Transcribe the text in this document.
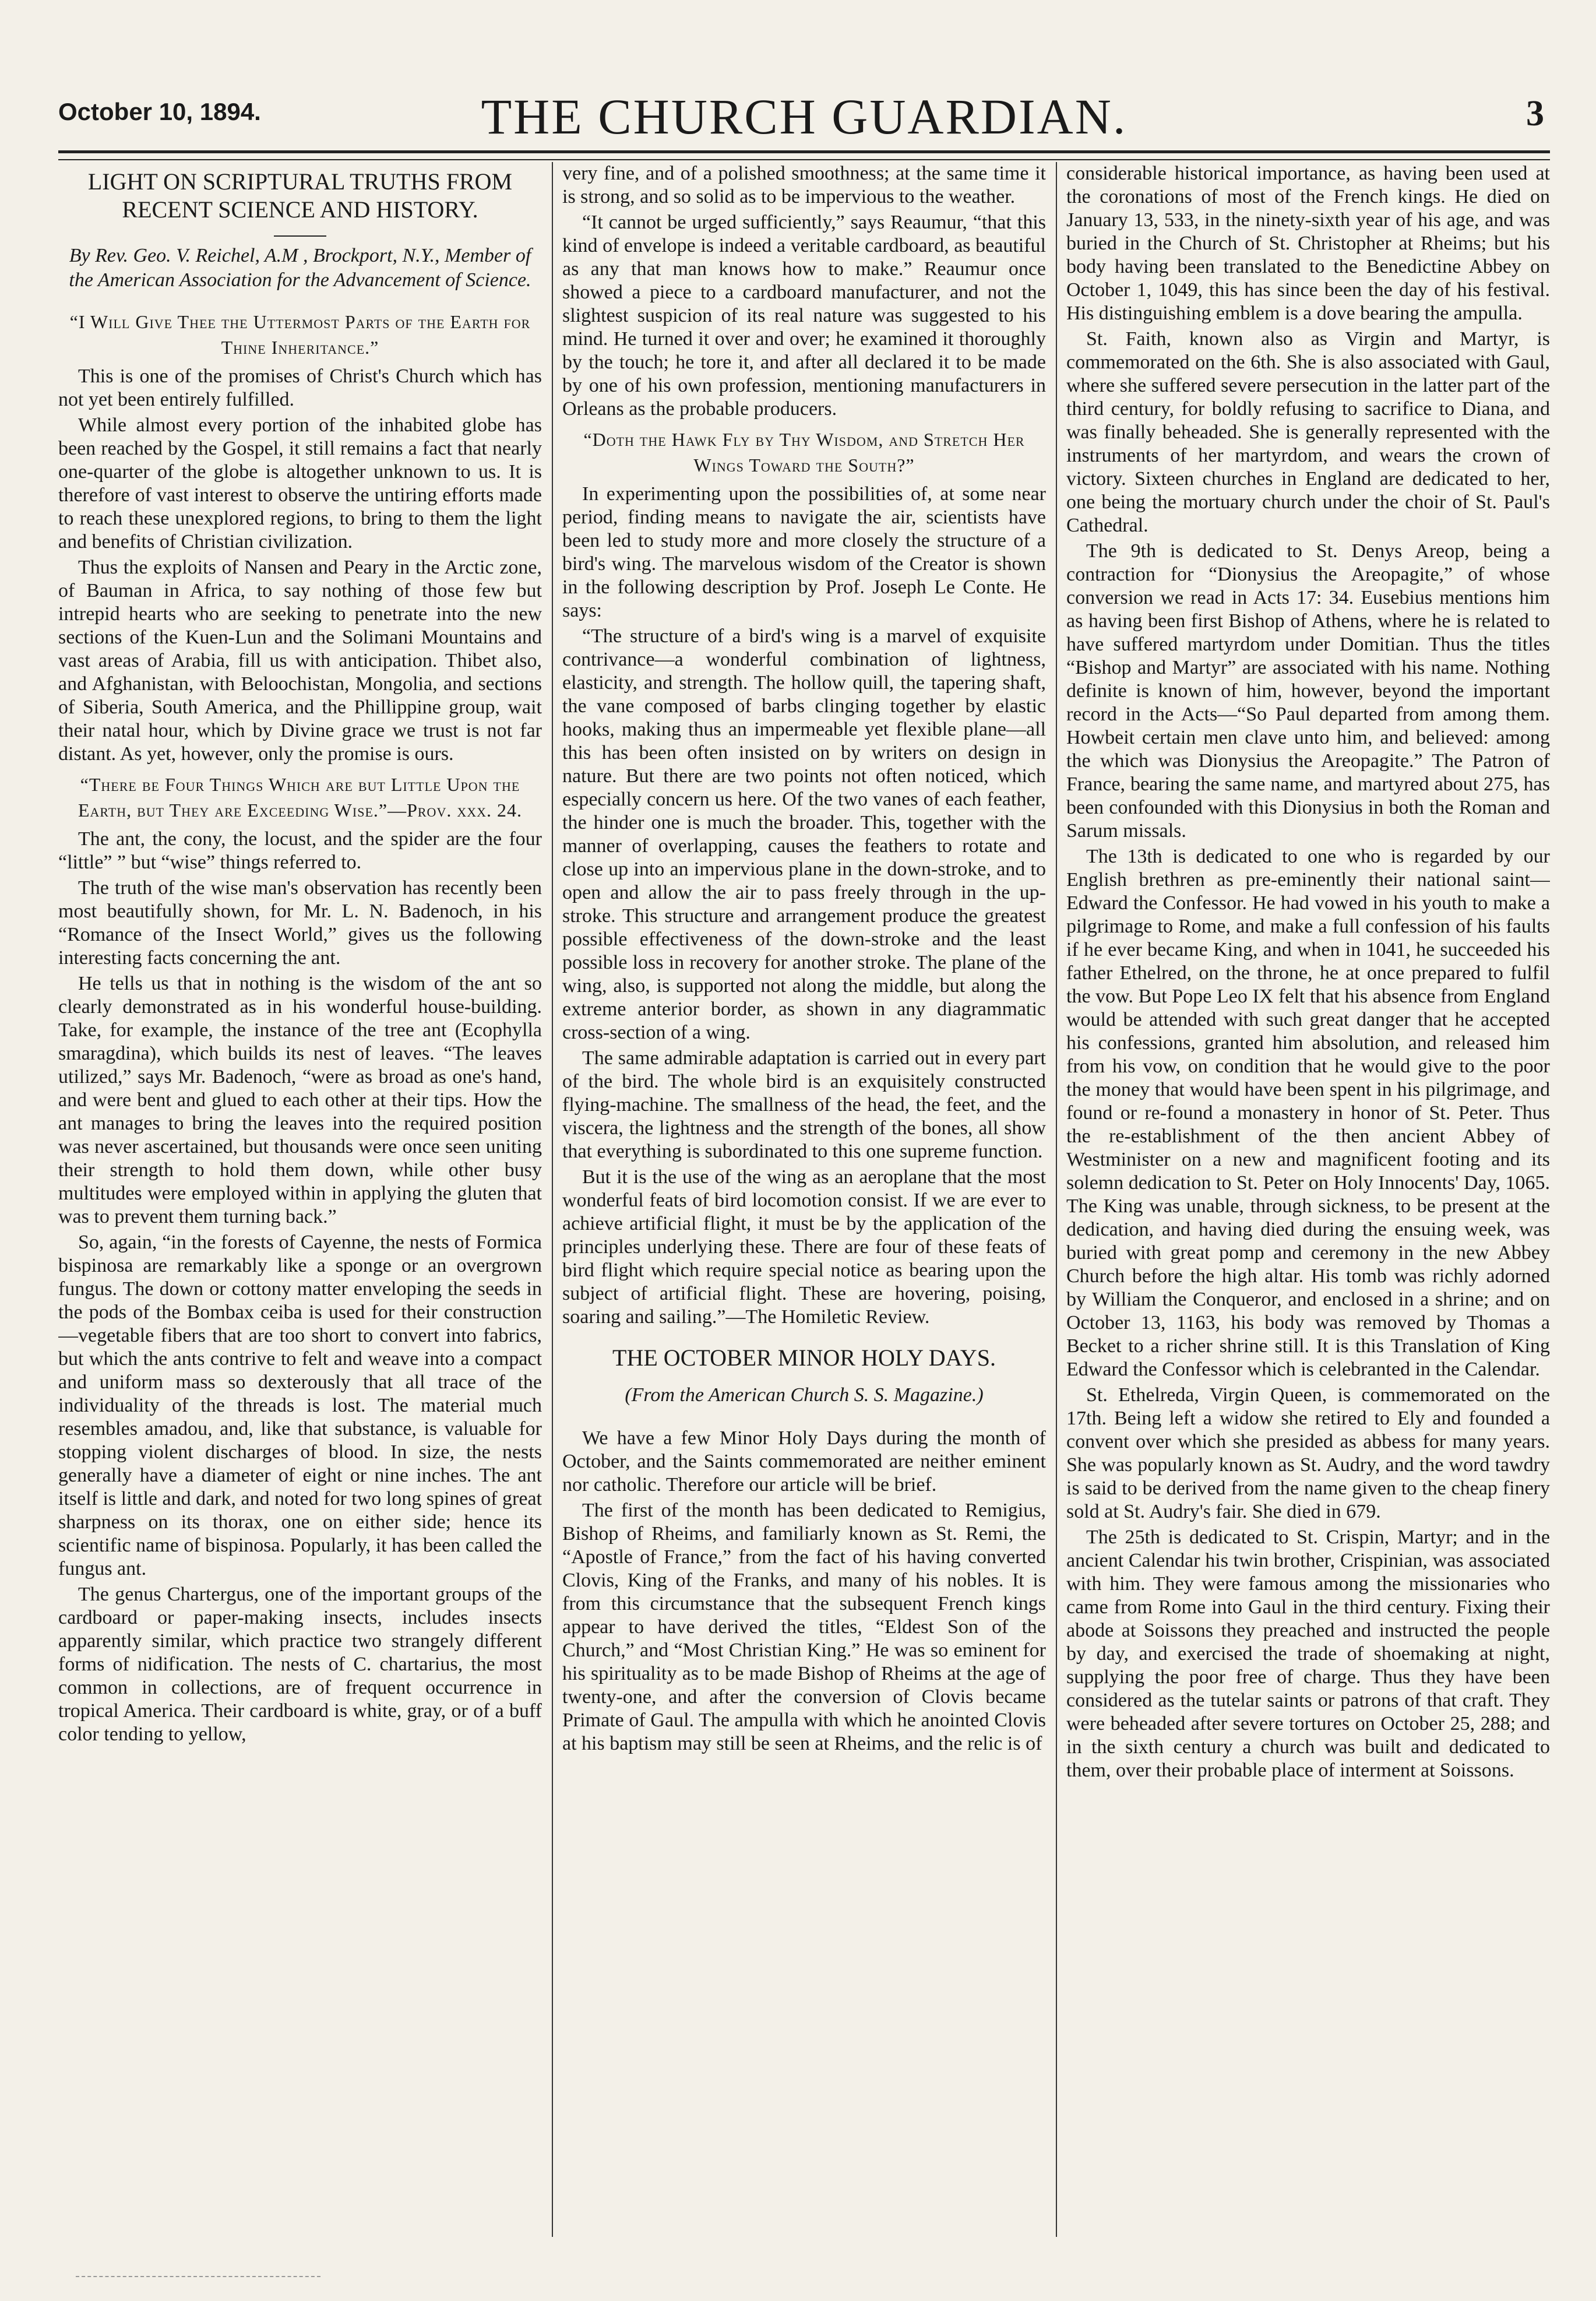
October 10, 1894.	THE CHURCH GUARDIAN.	3
LIGHT ON SCRIPTURAL TRUTHS FROM RECENT SCIENCE AND HISTORY.
By Rev. Geo. V. Reichel, A.M , Brockport, N.Y., Member of the American Association for the Advancement of Science.
“I Will Give Thee the Uttermost Parts of the Earth for Thine Inheritance.”

This is one of the promises of Christ's Church which has not yet been entirely fulfilled.

While almost every portion of the inhabited globe has been reached by the Gospel, it still remains a fact that nearly one-quarter of the globe is altogether unknown to us. It is therefore of vast interest to observe the untiring efforts made to reach these unexplored regions, to bring to them the light and benefits of Christian civilization.

Thus the exploits of Nansen and Peary in the Arctic zone, of Bauman in Africa, to say nothing of those few but intrepid hearts who are seeking to penetrate into the new sections of the Kuen-Lun and the Solimani Mountains and vast areas of Arabia, fill us with anticipation. Thibet also, and Afghanistan, with Beloochistan, Mongolia, and sections of Siberia, South America, and the Phillippine group, wait their natal hour, which by Divine grace we trust is not far distant. As yet, however, only the promise is ours.

“There be Four Things Which are but Little Upon the Earth, but They are Exceeding Wise.”—Prov. xxx. 24.

The ant, the cony, the locust, and the spider are the four “little” ” but “wise” things referred to.

The truth of the wise man's observation has recently been most beautifully shown, for Mr. L. N. Badenoch, in his “Romance of the Insect World,” gives us the following interesting facts concerning the ant.

He tells us that in nothing is the wisdom of the ant so clearly demonstrated as in his wonderful house-building. Take, for example, the instance of the tree ant (Ecophylla smaragdina), which builds its nest of leaves. “The leaves utilized,” says Mr. Badenoch, “were as broad as one's hand, and were bent and glued to each other at their tips. How the ant manages to bring the leaves into the required position was never ascertained, but thousands were once seen uniting their strength to hold them down, while other busy multitudes were employed within in applying the gluten that was to prevent them turning back.”

So, again, “in the forests of Cayenne, the nests of Formica bispinosa are remarkably like a sponge or an overgrown fungus. The down or cottony matter enveloping the seeds in the pods of the Bombax ceiba is used for their construction—vegetable fibers that are too short to convert into fabrics, but which the ants contrive to felt and weave into a compact and uniform mass so dexterously that all trace of the individuality of the threads is lost. The material much resembles amadou, and, like that substance, is valuable for stopping violent discharges of blood. In size, the nests generally have a diameter of eight or nine inches. The ant itself is little and dark, and noted for two long spines of great sharpness on its thorax, one on either side; hence its scientific name of bispinosa. Popularly, it has been called the fungus ant.

The genus Chartergus, one of the important groups of the cardboard or paper-making insects, includes insects apparently similar, which practice two strangely different forms of nidification. The nests of C. chartarius, the most common in collections, are of frequent occurrence in tropical America. Their cardboard is white, gray, or of a buff color tending to yellow,

very fine, and of a polished smoothness; at the same time it is strong, and so solid as to be impervious to the weather.

“It cannot be urged sufficiently,” says Reaumur, “that this kind of envelope is indeed a veritable cardboard, as beautiful as any that man knows how to make.” Reaumur once showed a piece to a cardboard manufacturer, and not the slightest suspicion of its real nature was suggested to his mind. He turned it over and over; he examined it thoroughly by the touch; he tore it, and after all declared it to be made by one of his own profession, mentioning manufacturers in Orleans as the probable producers.

“Doth the Hawk Fly by Thy Wisdom, and Stretch Her Wings Toward the South?”

In experimenting upon the possibilities of, at some near period, finding means to navigate the air, scientists have been led to study more and more closely the structure of a bird's wing. The marvelous wisdom of the Creator is shown in the following description by Prof. Joseph Le Conte. He says:

“The structure of a bird's wing is a marvel of exquisite contrivance—a wonderful combination of lightness, elasticity, and strength. The hollow quill, the tapering shaft, the vane composed of barbs clinging together by elastic hooks, making thus an impermeable yet flexible plane—all this has been often insisted on by writers on design in nature. But there are two points not often noticed, which especially concern us here. Of the two vanes of each feather, the hinder one is much the broader. This, together with the manner of overlapping, causes the feathers to rotate and close up into an impervious plane in the down-stroke, and to open and allow the air to pass freely through in the up-stroke. This structure and arrangement produce the greatest possible effectiveness of the down-stroke and the least possible loss in recovery for another stroke. The plane of the wing, also, is supported not along the middle, but along the extreme anterior border, as shown in any diagrammatic cross-section of a wing.

The same admirable adaptation is carried out in every part of the bird. The whole bird is an exquisitely constructed flying-machine. The smallness of the head, the feet, and the viscera, the lightness and the strength of the bones, all show that everything is subordinated to this one supreme function.

But it is the use of the wing as an aeroplane that the most wonderful feats of bird locomotion consist. If we are ever to achieve artificial flight, it must be by the application of the principles underlying these. There are four of these feats of bird flight which require special notice as bearing upon the subject of artificial flight. These are hovering, poising, soaring and sailing.”—The Homiletic Review.

THE OCTOBER MINOR HOLY DAYS.
(From the American Church S. S. Magazine.)

We have a few Minor Holy Days during the month of October, and the Saints commemorated are neither eminent nor catholic. Therefore our article will be brief.

The first of the month has been dedicated to Remigius, Bishop of Rheims, and familiarly known as St. Remi, the “Apostle of France,” from the fact of his having converted Clovis, King of the Franks, and many of his nobles. It is from this circumstance that the subsequent French kings appear to have derived the titles, “Eldest Son of the Church,” and “Most Christian King.” He was so eminent for his spirituality as to be made Bishop of Rheims at the age of twenty-one, and after the conversion of Clovis became Primate of Gaul. The ampulla with which he anointed Clovis at his baptism may still be seen at Rheims, and the relic is of

considerable historical importance, as having been used at the coronations of most of the French kings. He died on January 13, 533, in the ninety-sixth year of his age, and was buried in the Church of St. Christopher at Rheims; but his body having been translated to the Benedictine Abbey on October 1, 1049, this has since been the day of his festival. His distinguishing emblem is a dove bearing the ampulla.

St. Faith, known also as Virgin and Martyr, is commemorated on the 6th. She is also associated with Gaul, where she suffered severe persecution in the latter part of the third century, for boldly refusing to sacrifice to Diana, and was finally beheaded. She is generally represented with the instruments of her martyrdom, and wears the crown of victory. Sixteen churches in England are dedicated to her, one being the mortuary church under the choir of St. Paul's Cathedral.

The 9th is dedicated to St. Denys Areop, being a contraction for “Dionysius the Areopagite,” of whose conversion we read in Acts 17: 34. Eusebius mentions him as having been first Bishop of Athens, where he is related to have suffered martyrdom under Domitian. Thus the titles “Bishop and Martyr” are associated with his name. Nothing definite is known of him, however, beyond the important record in the Acts—“So Paul departed from among them. Howbeit certain men clave unto him, and believed: among the which was Dionysius the Areopagite.” The Patron of France, bearing the same name, and martyred about 275, has been confounded with this Dionysius in both the Roman and Sarum missals.

The 13th is dedicated to one who is regarded by our English brethren as pre-eminently their national saint—Edward the Confessor. He had vowed in his youth to make a pilgrimage to Rome, and make a full confession of his faults if he ever became King, and when in 1041, he succeeded his father Ethelred, on the throne, he at once prepared to fulfil the vow. But Pope Leo IX felt that his absence from England would be attended with such great danger that he accepted his confessions, granted him absolution, and released him from his vow, on condition that he would give to the poor the money that would have been spent in his pilgrimage, and found or re-found a monastery in honor of St. Peter. Thus the re-establishment of the then ancient Abbey of Westminister on a new and magnificent footing and its solemn dedication to St. Peter on Holy Innocents' Day, 1065. The King was unable, through sickness, to be present at the dedication, and having died during the ensuing week, was buried with great pomp and ceremony in the new Abbey Church before the high altar. His tomb was richly adorned by William the Conqueror, and enclosed in a shrine; and on October 13, 1163, his body was removed by Thomas a Becket to a richer shrine still. It is this Translation of King Edward the Confessor which is celebranted in the Calendar.

St. Ethelreda, Virgin Queen, is commemorated on the 17th. Being left a widow she retired to Ely and founded a convent over which she presided as abbess for many years. She was popularly known as St. Audry, and the word tawdry is said to be derived from the name given to the cheap finery sold at St. Audry's fair. She died in 679.

The 25th is dedicated to St. Crispin, Martyr; and in the ancient Calendar his twin brother, Crispinian, was associated with him. They were famous among the missionaries who came from Rome into Gaul in the third century. Fixing their abode at Soissons they preached and instructed the people by day, and exercised the trade of shoemaking at night, supplying the poor free of charge. Thus they have been considered as the tutelar saints or patrons of that craft. They were beheaded after severe tortures on October 25, 288; and in the sixth century a church was built and dedicated to them, over their probable place of interment at Soissons.
